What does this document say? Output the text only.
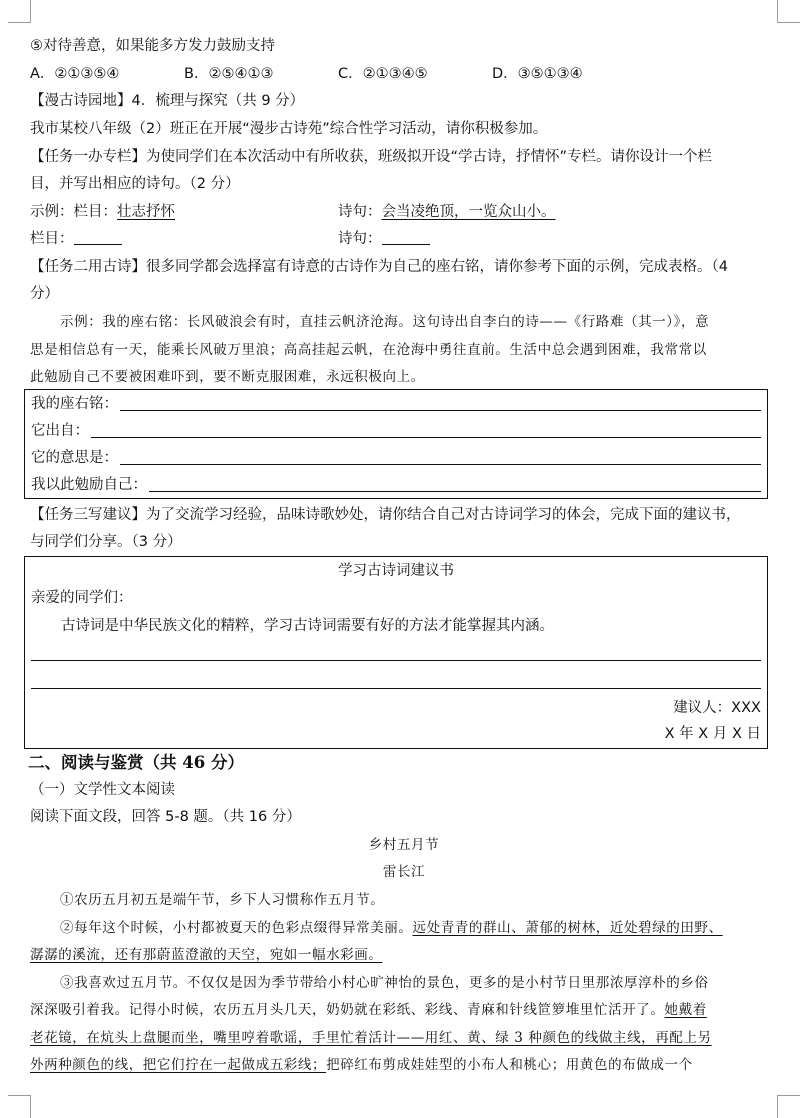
⑤对待善意，如果能多方发力鼓励支持
A．②①③⑤④	B．②⑤④①③	C．②①③④⑤	D．③⑤①③④
【漫古诗园地】4．梳理与探究（共 9 分）
我市某校八年级（2）班正在开展“漫步古诗苑”综合性学习活动，请你积极参加。
【任务一办专栏】为使同学们在本次活动中有所收获，班级拟开设“学古诗，抒情怀”专栏。请你设计一个栏
目，并写出相应的诗句。（2 分）
示例：栏目：壮志抒怀	诗句：会当凌绝顶，一览众山小。
栏目：	诗句：
【任务二用古诗】很多同学都会选择富有诗意的古诗作为自己的座右铭，请你参考下面的示例，完成表格。（4
分）
示例：我的座右铭：长风破浪会有时，直挂云帆济沧海。这句诗出自李白的诗——《行路难（其一）》，意
思是相信总有一天，能乘长风破万里浪；高高挂起云帆，在沧海中勇往直前。生活中总会遇到困难，我常常以
此勉励自己不要被困难吓到，要不断克服困难，永远积极向上。
我的座右铭：
它出自：
它的意思是：
我以此勉励自己：
【任务三写建议】为了交流学习经验，品味诗歌妙处，请你结合自己对古诗词学习的体会，完成下面的建议书，
与同学们分享。（3 分）
学习古诗词建议书
亲爱的同学们：
古诗词是中华民族文化的精粹，学习古诗词需要有好的方法才能掌握其内涵。
建议人：XXX
X 年 X 月 X 日
二、阅读与鉴赏（共 46 分）
（一）文学性文本阅读
阅读下面文段，回答 5-8 题。（共 16 分）
乡村五月节
雷长江
①农历五月初五是端午节，乡下人习惯称作五月节。
②每年这个时候，小村都被夏天的色彩点缀得异常美丽。远处青青的群山、萧郁的树林，近处碧绿的田野、
潺潺的溪流，还有那蔚蓝澄澈的天空，宛如一幅水彩画。
③我喜欢过五月节。不仅仅是因为季节带给小村心旷神怡的景色，更多的是小村节日里那浓厚淳朴的乡俗
深深吸引着我。记得小时候，农历五月头几天，奶奶就在彩纸、彩线、青麻和针线笸箩堆里忙活开了。她戴着
老花镜，在炕头上盘腿而坐，嘴里哼着歌谣，手里忙着活计——用红、黄、绿 3 种颜色的线做主线，再配上另
外两种颜色的线，把它们拧在一起做成五彩线；把碎红布剪成娃娃型的小布人和桃心；用黄色的布做成一个
